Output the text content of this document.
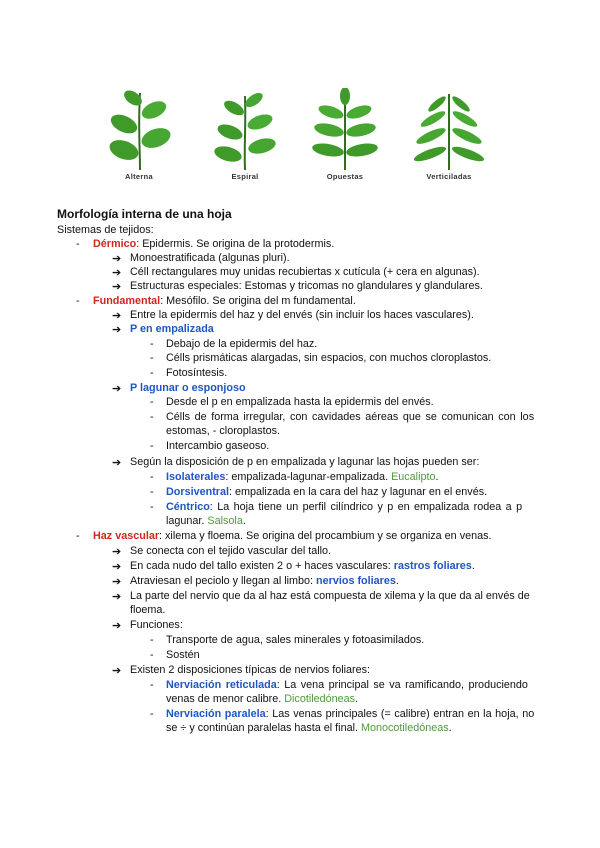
Alterna	Espiral	Opuestas	Verticiladas
Morfología interna de una hoja
Sistemas de tejidos:
- Dérmico: Epidermis. Se origina de la protodermis.
➔ Monoestratificada (algunas pluri).
➔ Céll rectangulares muy unidas recubiertas x cutícula (+ cera en algunas).
➔ Estructuras especiales: Estomas y tricomas no glandulares y glandulares.
- Fundamental: Mesófilo. Se origina del m fundamental.
➔ Entre la epidermis del haz y del envés (sin incluir los haces vasculares).
➔ P en empalizada
- Debajo de la epidermis del haz.
- Célls prismáticas alargadas, sin espacios, con muchos cloroplastos.
- Fotosíntesis.
➔ P lagunar o esponjoso
- Desde el p en empalizada hasta la epidermis del envés.
- Célls de forma irregular, con cavidades aéreas que se comunican con los
estomas, - cloroplastos.
- Intercambio gaseoso.
➔ Según la disposición de p en empalizada y lagunar las hojas pueden ser:
- Isolaterales: empalizada-lagunar-empalizada. Eucalipto.
- Dorsiventral: empalizada en la cara del haz y lagunar en el envés.
- Céntrico: La hoja tiene un perfil cilíndrico y p en empalizada rodea a p
lagunar. Salsola.
- Haz vascular: xilema y floema. Se origina del procambium y se organiza en venas.
➔ Se conecta con el tejido vascular del tallo.
➔ En cada nudo del tallo existen 2 o + haces vasculares: rastros foliares.
➔ Atraviesan el peciolo y llegan al limbo: nervios foliares.
➔ La parte del nervio que da al haz está compuesta de xilema y la que da al envés de
floema.
➔ Funciones:
- Transporte de agua, sales minerales y fotoasimilados.
- Sostén
➔ Existen 2 disposiciones típicas de nervios foliares:
- Nerviación reticulada: La vena principal se va ramificando, produciendo
venas de menor calibre. Dicotiledóneas.
- Nerviación paralela: Las venas principales (= calibre) entran en la hoja, no
se ÷ y continúan paralelas hasta el final. Monocotiledóneas.
